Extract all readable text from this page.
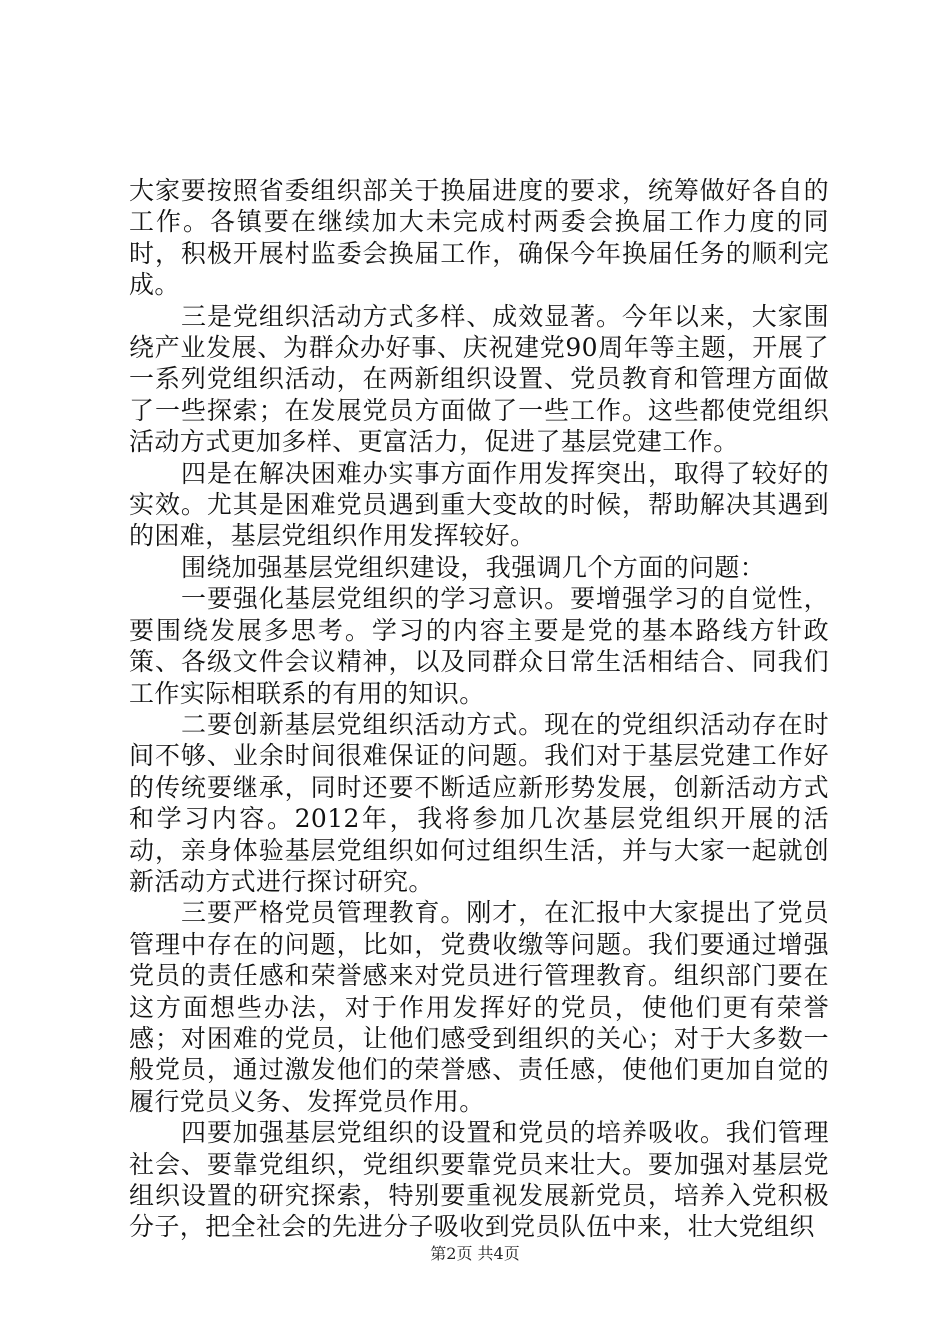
大家要按照省委组织部关于换届进度的要求，统筹做好各自的工作。各镇要在继续加大未完成村两委会换届工作力度的同时，积极开展村监委会换届工作，确保今年换届任务的顺利完成。

三是党组织活动方式多样、成效显著。今年以来，大家围绕产业发展、为群众办好事、庆祝建党90周年等主题，开展了一系列党组织活动，在两新组织设置、党员教育和管理方面做了一些探索；在发展党员方面做了一些工作。这些都使党组织活动方式更加多样、更富活力，促进了基层党建工作。

四是在解决困难办实事方面作用发挥突出，取得了较好的实效。尤其是困难党员遇到重大变故的时候，帮助解决其遇到的困难，基层党组织作用发挥较好。

围绕加强基层党组织建设，我强调几个方面的问题：

一要强化基层党组织的学习意识。要增强学习的自觉性，要围绕发展多思考。学习的内容主要是党的基本路线方针政策、各级文件会议精神，以及同群众日常生活相结合、同我们工作实际相联系的有用的知识。

二要创新基层党组织活动方式。现在的党组织活动存在时间不够、业余时间很难保证的问题。我们对于基层党建工作好的传统要继承，同时还要不断适应新形势发展，创新活动方式和学习内容。2012年，我将参加几次基层党组织开展的活动，亲身体验基层党组织如何过组织生活，并与大家一起就创新活动方式进行探讨研究。

三要严格党员管理教育。刚才，在汇报中大家提出了党员管理中存在的问题，比如，党费收缴等问题。我们要通过增强党员的责任感和荣誉感来对党员进行管理教育。组织部门要在这方面想些办法，对于作用发挥好的党员，使他们更有荣誉感；对困难的党员，让他们感受到组织的关心；对于大多数一般党员，通过激发他们的荣誉感、责任感，使他们更加自觉的履行党员义务、发挥党员作用。

四要加强基层党组织的设置和党员的培养吸收。我们管理社会、要靠党组织，党组织要靠党员来壮大。要加强对基层党组织设置的研究探索，特别要重视发展新党员，培养入党积极分子，把全社会的先进分子吸收到党员队伍中来，壮大党组织

第2页 共4页
